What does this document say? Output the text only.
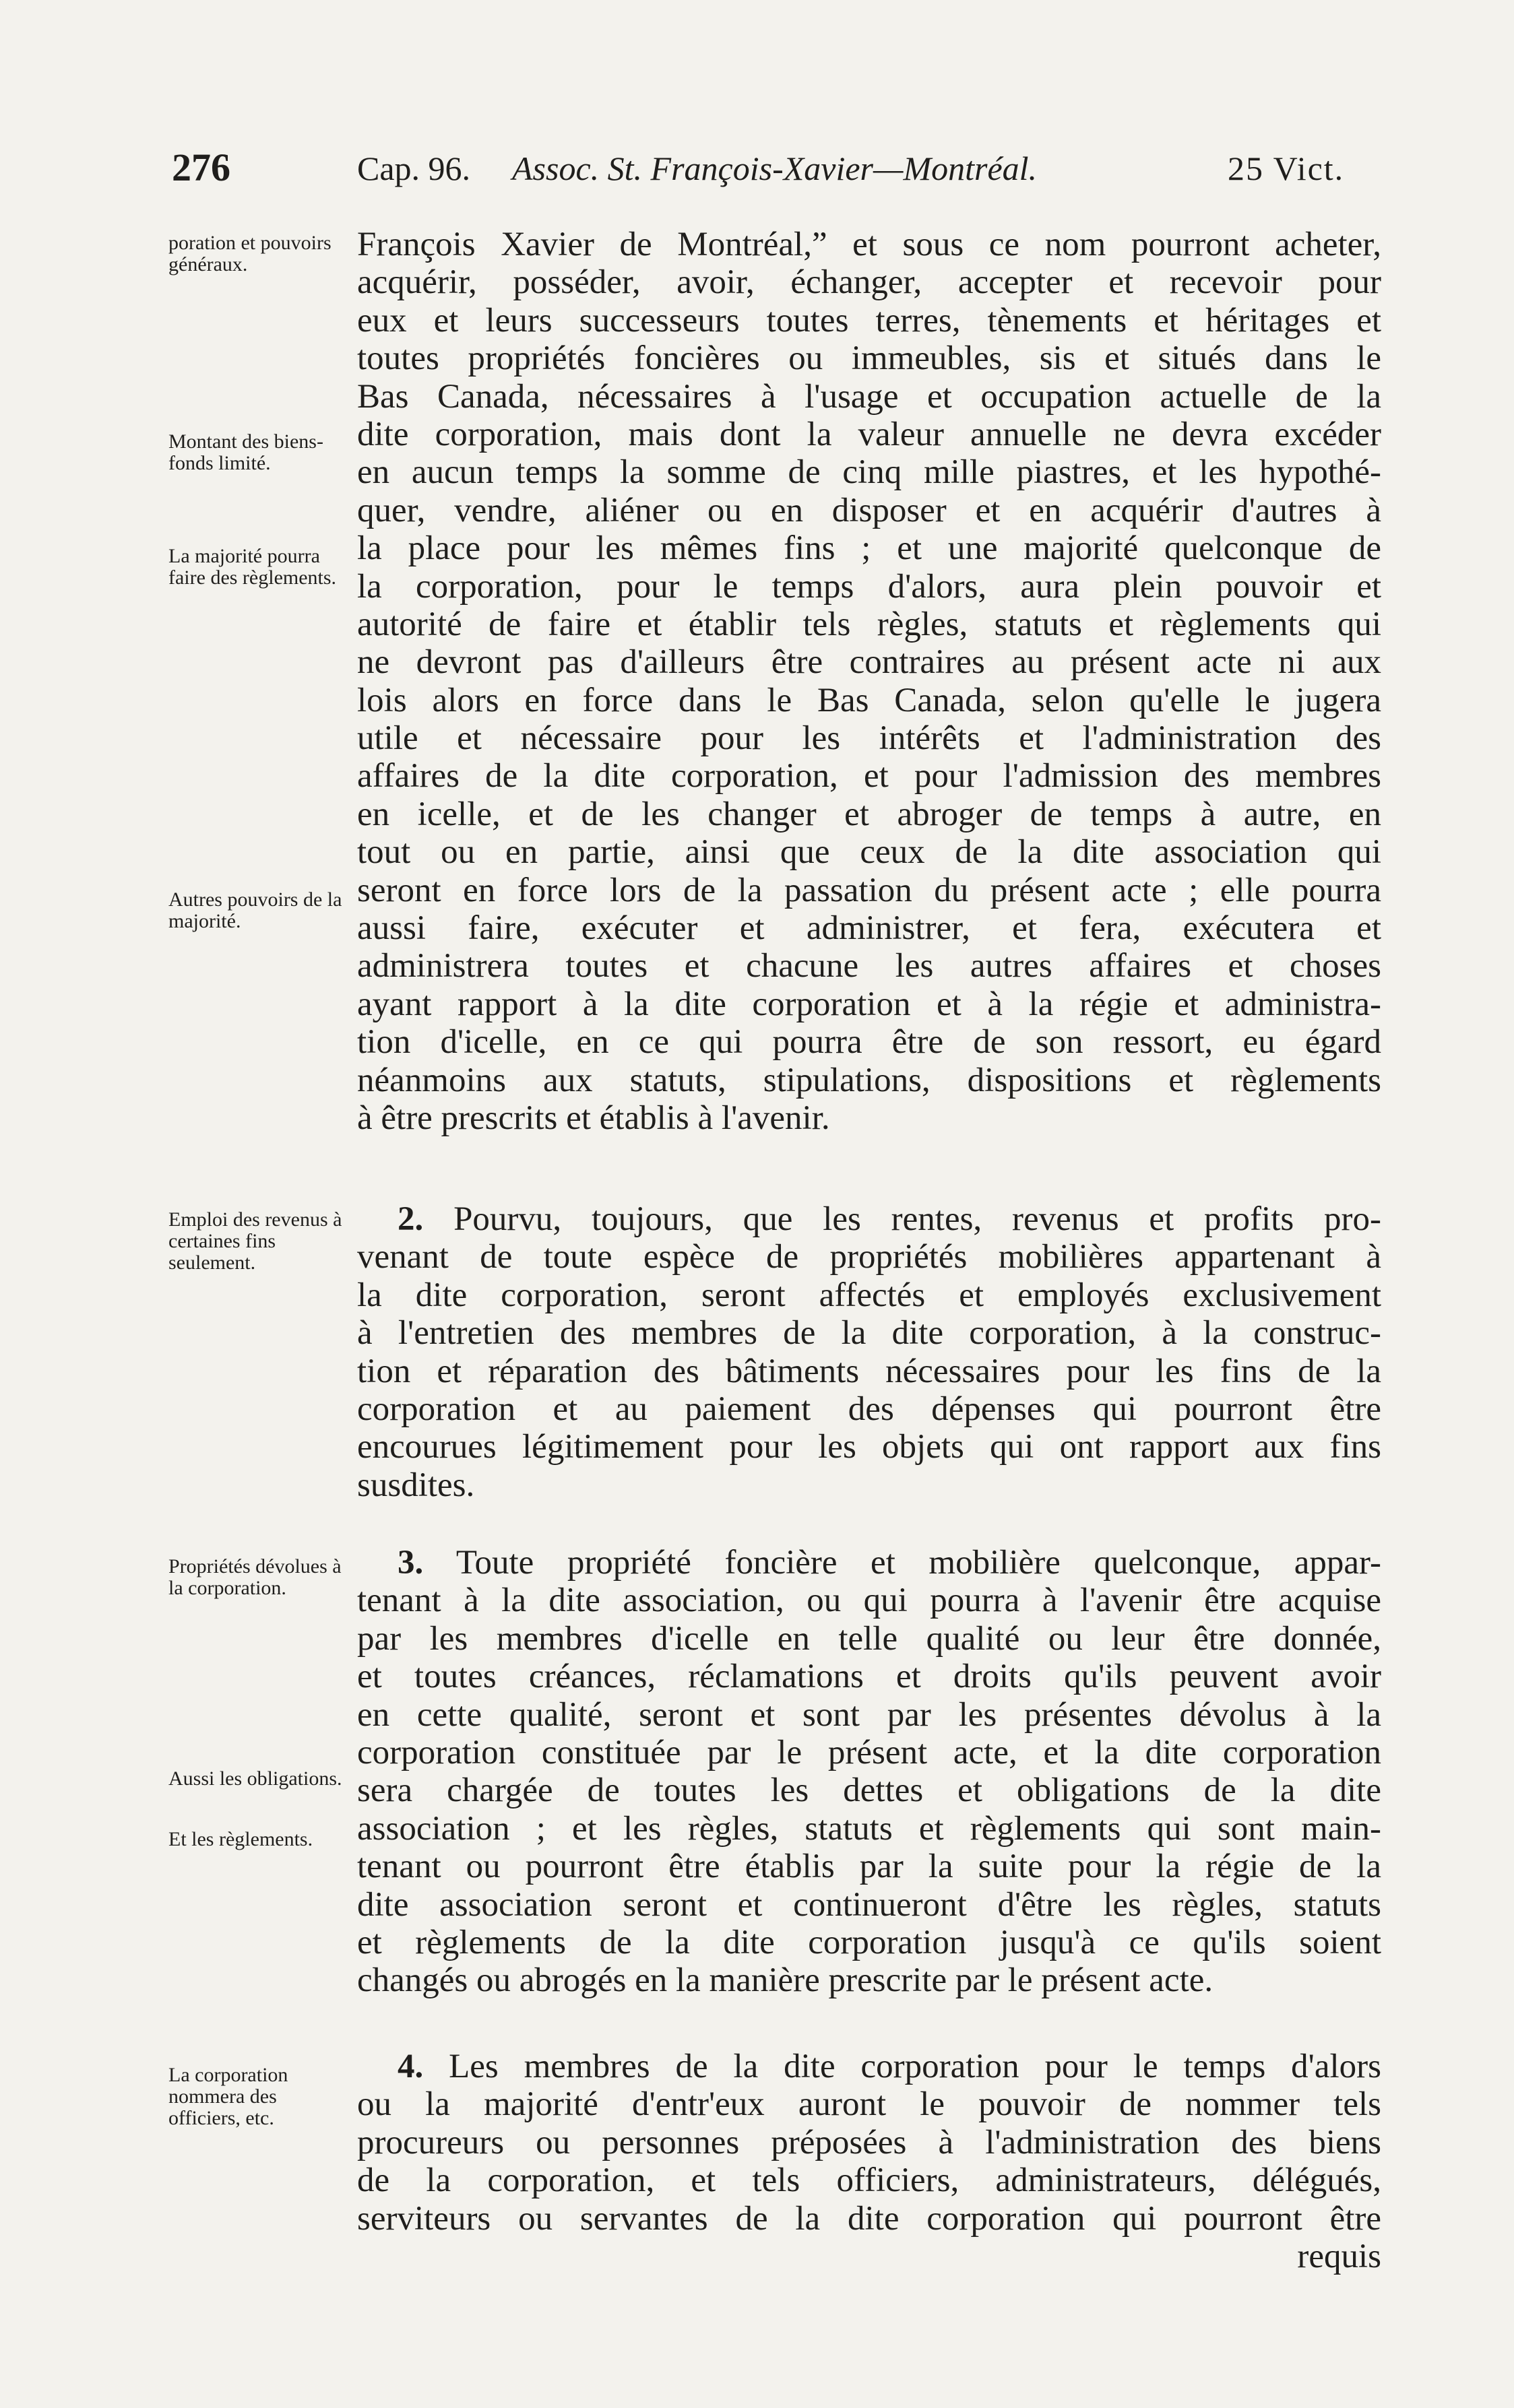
276	Cap. 96. Assoc. St. François-Xavier—Montréal.	25 Vict.
poration et pouvoirs généraux.
Montant des biens-fonds limité.
La majorité pourra faire des règlements.
Autres pouvoirs de la majorité.
Emploi des revenus à certaines fins seulement.
Propriétés dévolues à la corporation.
Aussi les obligations.
Et les règlements.
La corporation nommera des officiers, etc.
François Xavier de Montréal,” et sous ce nom pourront acheter,
acquérir, posséder, avoir, échanger, accepter et recevoir pour
eux et leurs successeurs toutes terres, tènements et héritages et
toutes propriétés foncières ou immeubles, sis et situés dans le
Bas Canada, nécessaires à l'usage et occupation actuelle de la
dite corporation, mais dont la valeur annuelle ne devra excéder
en aucun temps la somme de cinq mille piastres, et les hypothé-
quer, vendre, aliéner ou en disposer et en acquérir d'autres à
la place pour les mêmes fins ; et une majorité quelconque de
la corporation, pour le temps d'alors, aura plein pouvoir et
autorité de faire et établir tels règles, statuts et règlements qui
ne devront pas d'ailleurs être contraires au présent acte ni aux
lois alors en force dans le Bas Canada, selon qu'elle le jugera
utile et nécessaire pour les intérêts et l'administration des
affaires de la dite corporation, et pour l'admission des membres
en icelle, et de les changer et abroger de temps à autre, en
tout ou en partie, ainsi que ceux de la dite association qui
seront en force lors de la passation du présent acte ; elle pourra
aussi faire, exécuter et administrer, et fera, exécutera et
administrera toutes et chacune les autres affaires et choses
ayant rapport à la dite corporation et à la régie et administra-
tion d'icelle, en ce qui pourra être de son ressort, eu égard
néanmoins aux statuts, stipulations, dispositions et règlements
à être prescrits et établis à l'avenir.
2. Pourvu, toujours, que les rentes, revenus et profits pro-
venant de toute espèce de propriétés mobilières appartenant à
la dite corporation, seront affectés et employés exclusivement
à l'entretien des membres de la dite corporation, à la construc-
tion et réparation des bâtiments nécessaires pour les fins de la
corporation et au paiement des dépenses qui pourront être
encourues légitimement pour les objets qui ont rapport aux fins
susdites.
3. Toute propriété foncière et mobilière quelconque, appar-
tenant à la dite association, ou qui pourra à l'avenir être acquise
par les membres d'icelle en telle qualité ou leur être donnée,
et toutes créances, réclamations et droits qu'ils peuvent avoir
en cette qualité, seront et sont par les présentes dévolus à la
corporation constituée par le présent acte, et la dite corporation
sera chargée de toutes les dettes et obligations de la dite
association ; et les règles, statuts et règlements qui sont main-
tenant ou pourront être établis par la suite pour la régie de la
dite association seront et continueront d'être les règles, statuts
et règlements de la dite corporation jusqu'à ce qu'ils soient
changés ou abrogés en la manière prescrite par le présent acte.
4. Les membres de la dite corporation pour le temps d'alors
ou la majorité d'entr'eux auront le pouvoir de nommer tels
procureurs ou personnes préposées à l'administration des biens
de la corporation, et tels officiers, administrateurs, délégués,
serviteurs ou servantes de la dite corporation qui pourront être
requis
